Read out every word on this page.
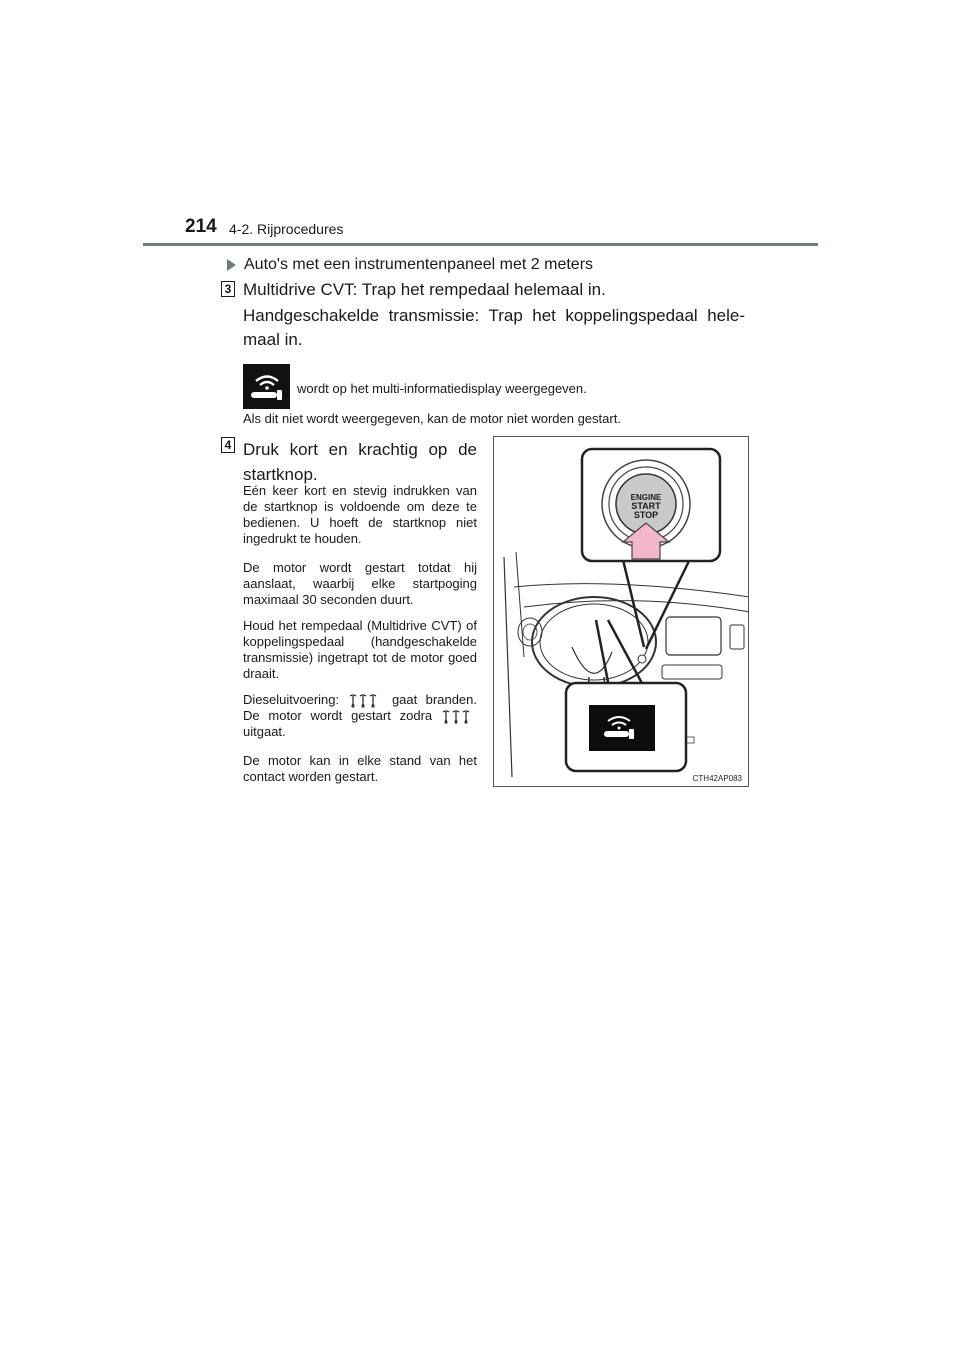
214 4-2. Rijprocedures
Auto's met een instrumentenpaneel met 2 meters
3 Multidrive CVT: Trap het rempedaal helemaal in.
Handgeschakelde transmissie: Trap het koppelingspedaal hele-
maal in.
wordt op het multi-informatiedisplay weergegeven.
Als dit niet wordt weergegeven, kan de motor niet worden gestart.
4 Druk kort en krachtig op de startknop.
Eén keer kort en stevig indrukken van de startknop is voldoende om deze te bedienen. U hoeft de startknop niet ingedrukt te houden.
De motor wordt gestart totdat hij aanslaat, waarbij elke startpoging maximaal 30 seconden duurt.
Houd het rempedaal (Multidrive CVT) of koppelingspedaal (handgeschakelde transmissie) ingetrapt tot de motor goed draait.
Dieseluitvoering:	gaat branden. De motor wordt gestart zodra  uitgaat.
De motor kan in elke stand van het contact worden gestart.
ENGINE
START
STOP
CTH42AP083
